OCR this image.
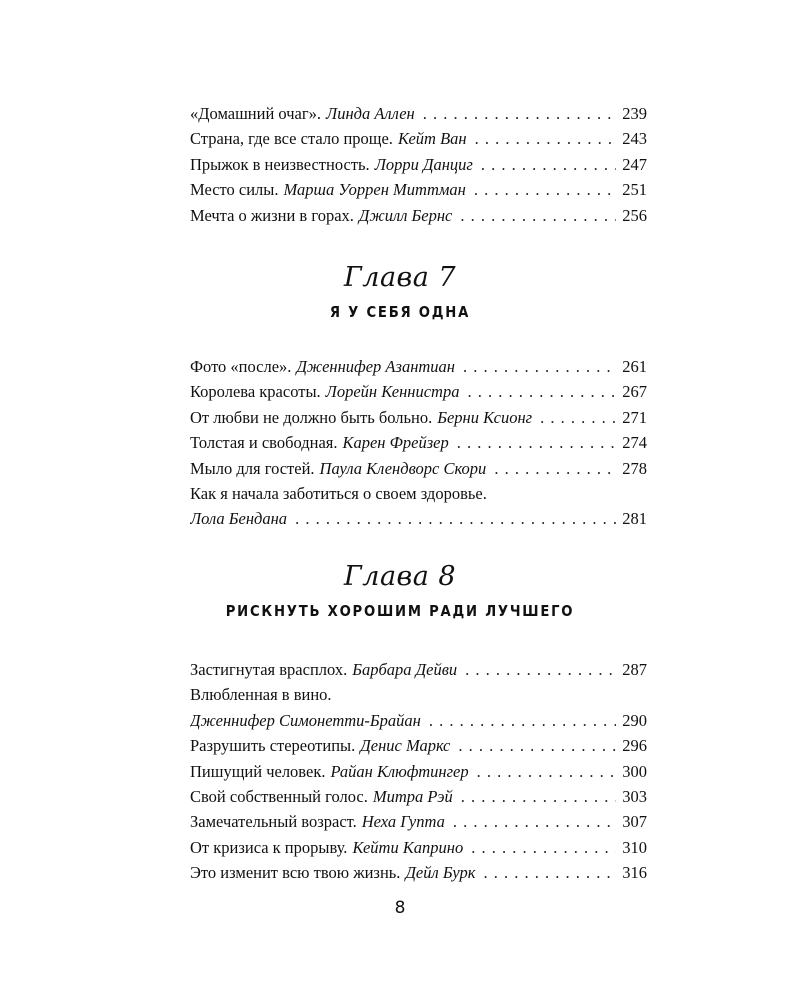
«Домашний очаг». Линда Аллен . . .	239
Страна, где все стало проще. Кейт Ван . . .	243
Прыжок в неизвестность. Лорри Данциг . . .	247
Место силы. Марша Уоррен Миттман . . .	251
Мечта о жизни в горах. Джилл Бернс . . .	256
Глава 7
Я У СЕБЯ ОДНА
Фото «после». Дженнифер Азантиан . . .	261
Королева красоты. Лорейн Кеннистра . . .	267
От любви не должно быть больно. Берни Ксионг . . .	271
Толстая и свободная. Карен Фрейзер . . .	274
Мыло для гостей. Паула Клендворс Скори . . .	278
Как я начала заботиться о своем здоровье.
Лола Бендана . . .	281
Глава 8
РИСКНУТЬ ХОРОШИМ РАДИ ЛУЧШЕГО
Застигнутая врасплох. Барбара Дейви . . .	287
Влюбленная в вино.
Дженнифер Симонетти-Брайан . . .	290
Разрушить стереотипы. Денис Маркс . . .	296
Пишущий человек. Райан Клюфтингер . . .	300
Свой собственный голос. Митра Рэй . . .	303
Замечательный возраст. Неха Гупта . . .	307
От кризиса к прорыву. Кейти Каприно . . .	310
Это изменит всю твою жизнь. Дейл Бурк . . .	316
8
